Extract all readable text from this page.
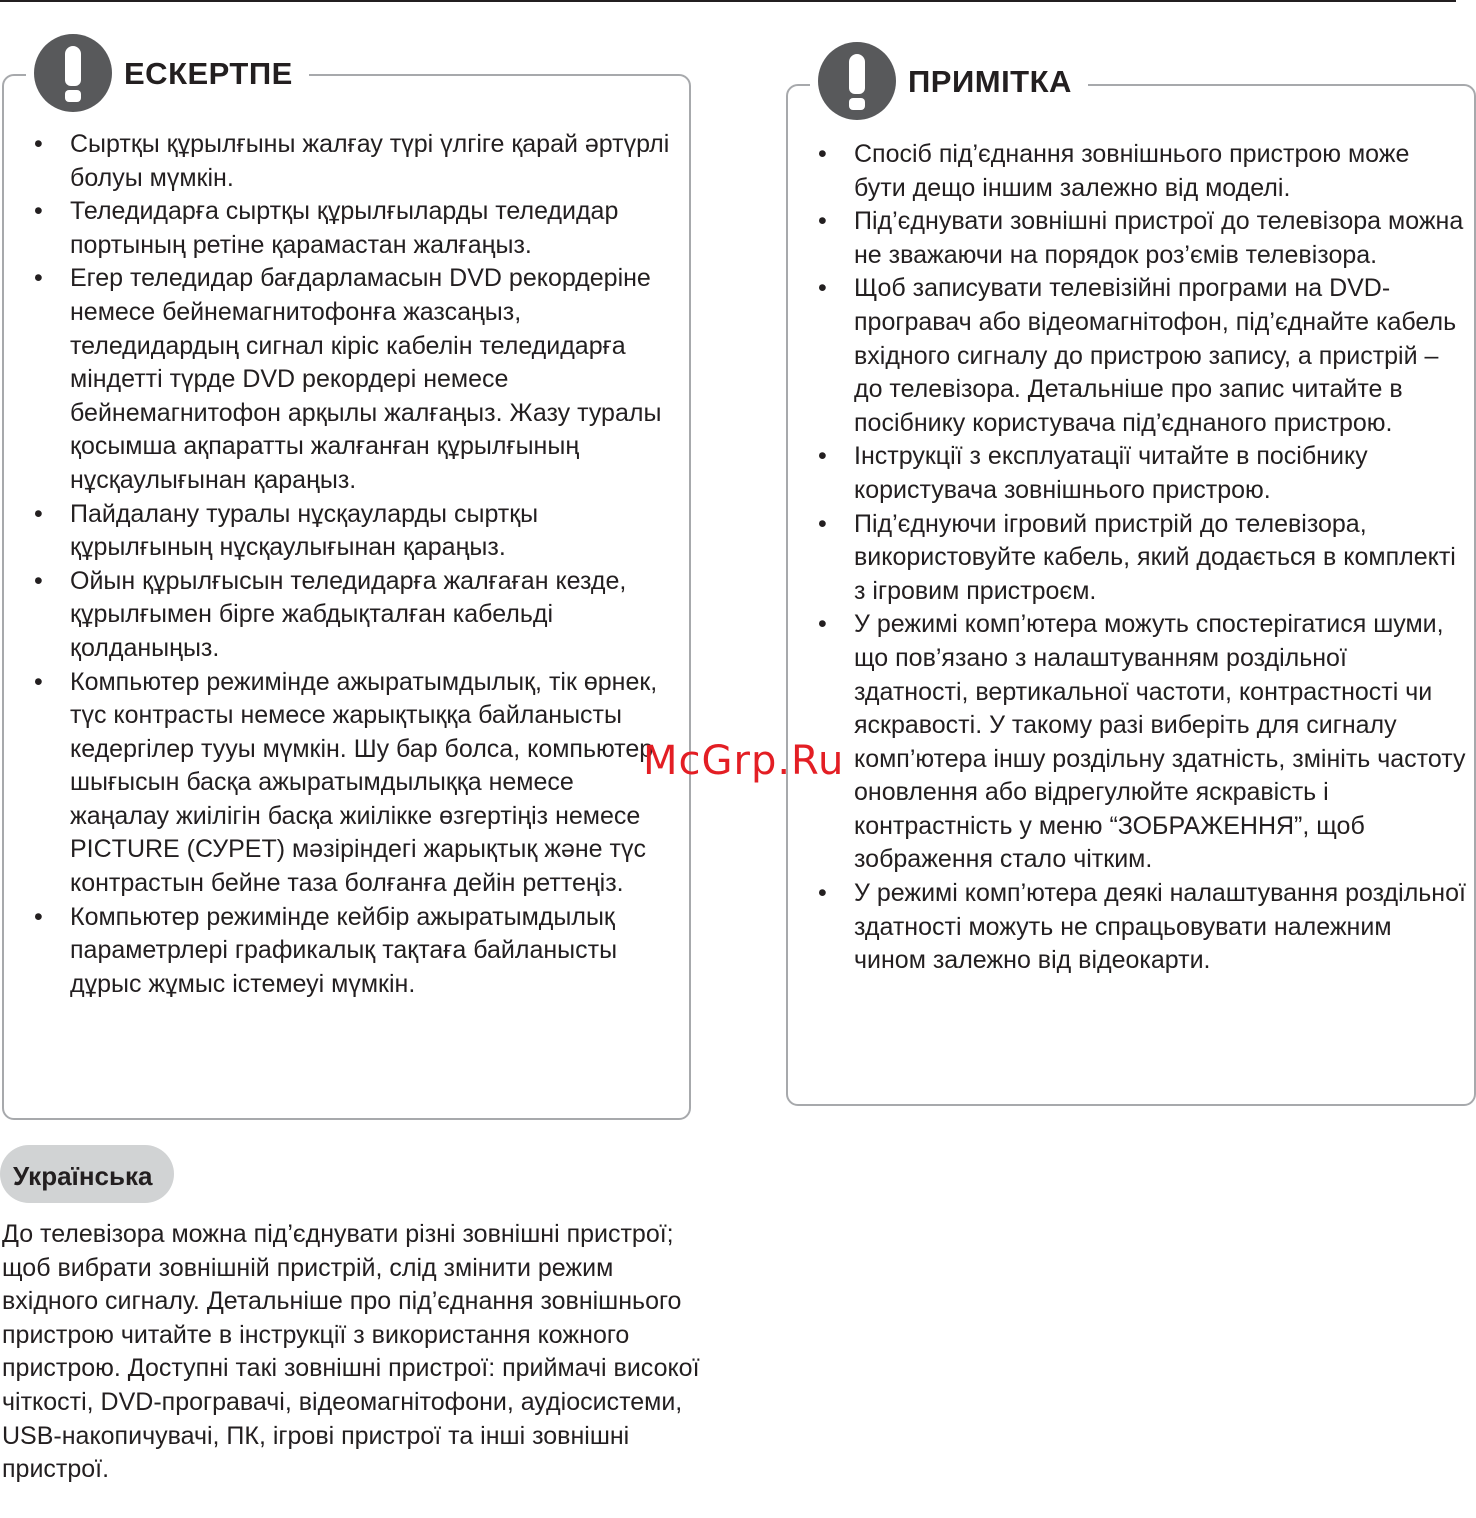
ЕСКЕРТПЕ
• Сыртқы құрылғыны жалғау түрі үлгіге қарай әртүрлі болуы мүмкін.
• Теледидарға сыртқы құрылғыларды теледидар портының ретіне қарамастан жалғаңыз.
• Егер теледидар бағдарламасын DVD рекордеріне немесе бейнемагнитофонға жазсаңыз, теледидардың сигнал кіріс кабелін теледидарға міндетті түрде DVD рекордері немесе бейнемагнитофон арқылы жалғаңыз. Жазу туралы қосымша ақпаратты жалғанған құрылғының нұсқаулығынан қараңыз.
• Пайдалану туралы нұсқауларды сыртқы құрылғының нұсқаулығынан қараңыз.
• Ойын құрылғысын теледидарға жалғаған кезде, құрылғымен бірге жабдықталған кабельді қолданыңыз.
• Компьютер режимінде ажыратымдылық, тік өрнек, түс контрасты немесе жарықтыққа байланысты кедергілер тууы мүмкін. Шу бар болса, компьютер шығысын басқа ажыратымдылыққа немесе жаңалау жиілігін басқа жиілікке өзгертіңіз немесе PICTURE (СУРЕТ) мәзіріндегі жарықтық және түс контрастын бейне таза болғанға дейін реттеңіз.
• Компьютер режимінде кейбір ажыратымдылық параметрлері графикалық тақтаға байланысты дұрыс жұмыс істемеуі мүмкін.
ПРИМІТКА
• Спосіб під’єднання зовнішнього пристрою може бути дещо іншим залежно від моделі.
• Під’єднувати зовнішні пристрої до телевізора можна не зважаючи на порядок роз’ємів телевізора.
• Щоб записувати телевізійні програми на DVD-програвач або відеомагнітофон, під’єднайте кабель вхідного сигналу до пристрою запису, а пристрій – до телевізора. Детальніше про запис читайте в посібнику користувача під’єднаного пристрою.
• Інструкції з експлуатації читайте в посібнику користувача зовнішнього пристрою.
• Під’єднуючи ігровий пристрій до телевізора, використовуйте кабель, який додається в комплекті з ігровим пристроєм.
• У режимі комп’ютера можуть спостерігатися шуми, що пов’язано з налаштуванням роздільної здатності, вертикальної частоти, контрастності чи яскравості. У такому разі виберіть для сигналу комп’ютера іншу роздільну здатність, змініть частоту оновлення або відрегулюйте яскравість і контрастність у меню “ЗОБРАЖЕННЯ”, щоб зображення стало чітким.
• У режимі комп’ютера деякі налаштування роздільної здатності можуть не спрацьовувати належним чином залежно від відеокарти.
Українська

До телевізора можна під’єднувати різні зовнішні пристрої; щоб вибрати зовнішній пристрій, слід змінити режим вхідного сигналу. Детальніше про під’єднання зовнішнього пристрою читайте в інструкції з використання кожного пристрою. Доступні такі зовнішні пристрої: приймачі високої чіткості, DVD-програвачі, відеомагнітофони, аудіосистеми, USB-накопичувачі, ПК, ігрові пристрої та інші зовнішні пристрої.

McGrp.Ru
